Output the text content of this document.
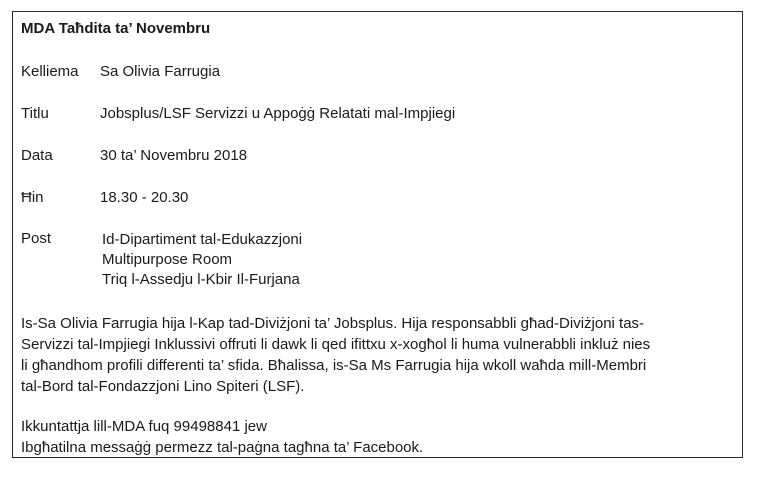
MDA Taħdita ta’ Novembru
Kelliema Sa Olivia Farrugia
Titlu	Jobsplus/LSF Servizzi u Appoġġ Relatati mal-Impjiegi
Data	30 ta’ Novembru 2018
Ħin	18.30 - 20.30
Post	Id-Dipartiment tal-Edukazzjoni
Multipurpose Room
Triq l-Assedju l-Kbir Il-Furjana

Is-Sa Olivia Farrugia hija l-Kap tad-Diviżjoni ta’ Jobsplus. Hija responsabbli għad-Diviżjoni tas-

Servizzi tal-Impjiegi Inklussivi offruti li dawk li qed ifittxu x-xogħol li huma vulnerabbli inkluż nies

li għandhom profili differenti ta’ sfida. Bħalissa, is-Sa Ms Farrugia hija wkoll waħda mill-Membri

tal-Bord tal-Fondazzjoni Lino Spiteri (LSF).

Ikkuntattja lill-MDA fuq 99498841 jew

Ibgħatilna messaġġ permezz tal-paġna tagħna ta’ Facebook.
